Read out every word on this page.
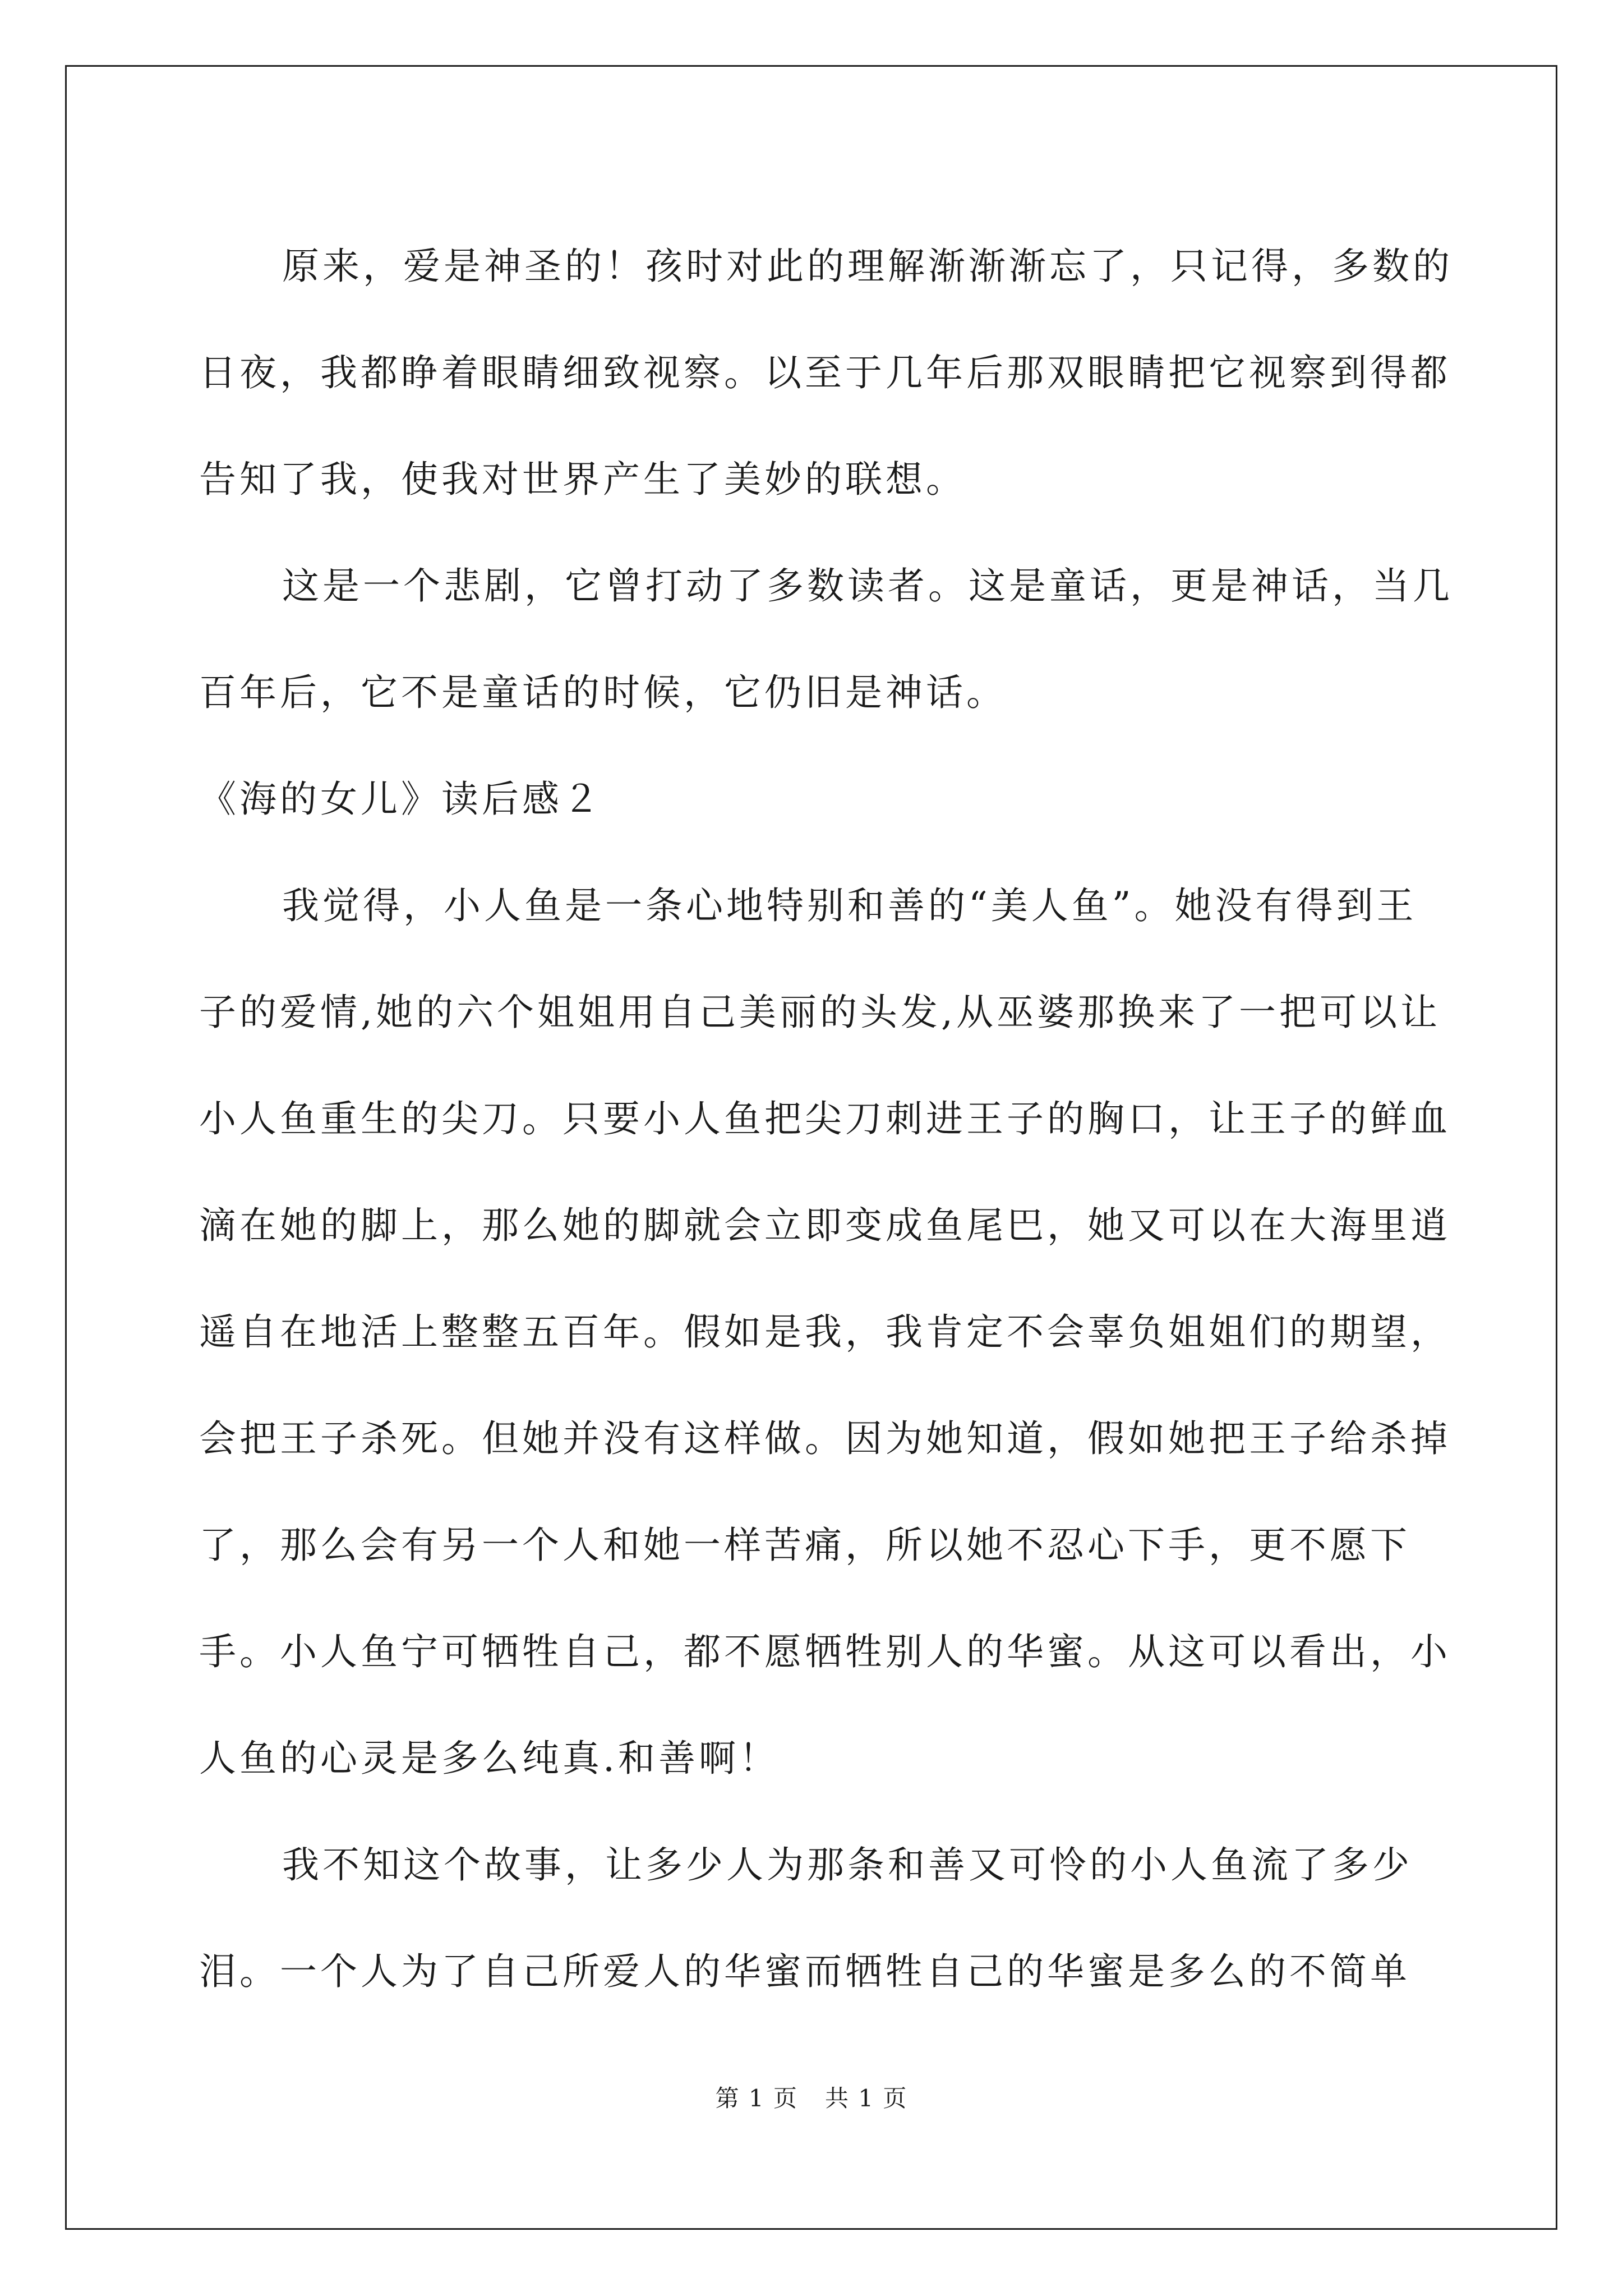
原来，爱是神圣的！孩时对此的理解渐渐渐忘了，只记得，多数的日夜，我都睁着眼睛细致视察。以至于几年后那双眼睛把它视察到得都告知了我，使我对世界产生了美妙的联想。

这是一个悲剧，它曾打动了多数读者。这是童话，更是神话，当几百年后，它不是童话的时候，它仍旧是神话。

《海的女儿》读后感２

我觉得，小人鱼是一条心地特别和善的“美人鱼”。她没有得到王子的爱情,她的六个姐姐用自己美丽的头发,从巫婆那换来了一把可以让小人鱼重生的尖刀。只要小人鱼把尖刀刺进王子的胸口，让王子的鲜血滴在她的脚上，那么她的脚就会立即变成鱼尾巴，她又可以在大海里逍遥自在地活上整整五百年。假如是我，我肯定不会辜负姐姐们的期望，会把王子杀死。但她并没有这样做。因为她知道，假如她把王子给杀掉了，那么会有另一个人和她一样苦痛，所以她不忍心下手，更不愿下手。小人鱼宁可牺牲自己，都不愿牺牲别人的华蜜。从这可以看出，小人鱼的心灵是多么纯真.和善啊！

我不知这个故事，让多少人为那条和善又可怜的小人鱼流了多少泪。一个人为了自己所爱人的华蜜而牺牲自己的华蜜是多么的不简单

第 1 页 共 1 页
